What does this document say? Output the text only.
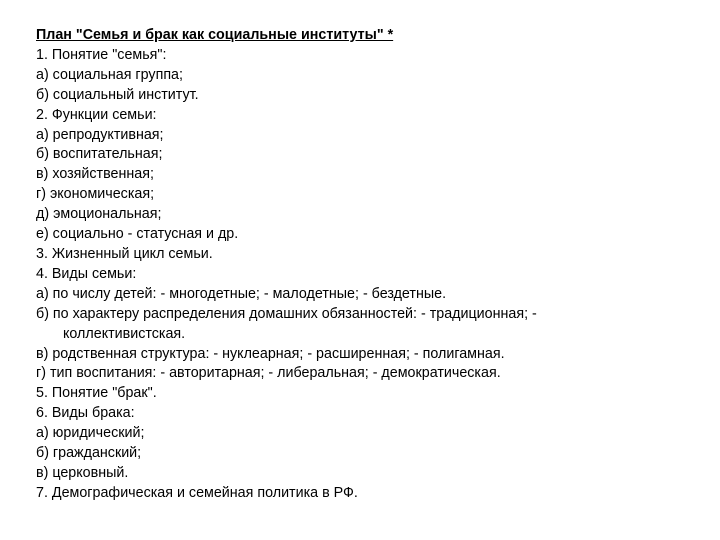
План "Семья и брак как социальные институты" *
1. Понятие "семья":
а) социальная группа;
б) социальный институт.
2. Функции семьи:
а) репродуктивная;
б) воспитательная;
в) хозяйственная;
г) экономическая;
д) эмоциональная;
е) социально - статусная и др.
3. Жизненный цикл семьи.
4. Виды семьи:
а) по числу детей: - многодетные; - малодетные; - бездетные.
б) по характеру распределения домашних обязанностей: - традиционная; -
коллективистская.
в) родственная структура: - нуклеарная; - расширенная; - полигамная.
г) тип воспитания: - авторитарная; - либеральная; - демократическая.
5. Понятие "брак".
6. Виды брака:
а) юридический;
б) гражданский;
в) церковный.
7. Демографическая и семейная политика в РФ.
